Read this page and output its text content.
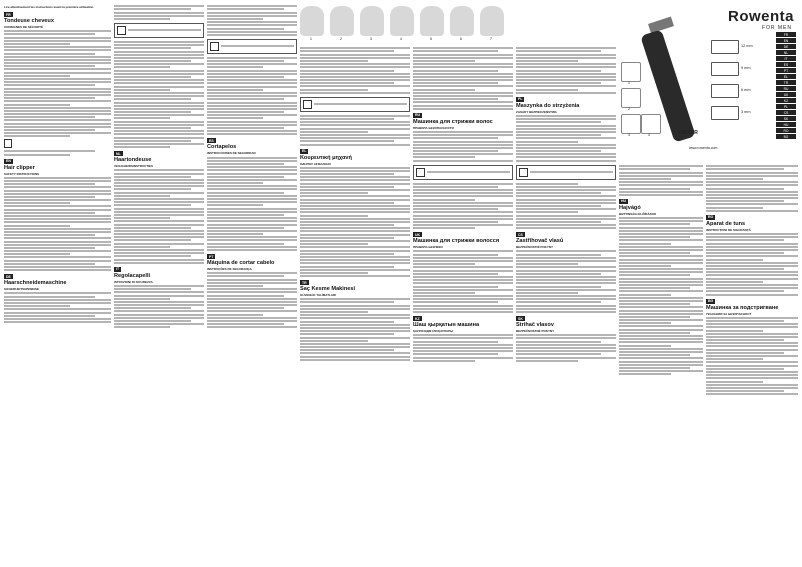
Lire attentivement les instructions avant la première utilisation
FR
Tondeuse cheveux
CONSIGNES DE SÉCURITÉ
EN
Hair clipper
SAFETY INSTRUCTIONS
DE
Haarschneidemaschine
SICHERHEITSHINWEISE
NL
Haartondeuse
VEILIGHEIDSINSTRUCTIES
IT
Regolacapelli
ISTRUZIONI DI SICUREZZA
ES
Cortapelos
INSTRUCCIONES DE SEGURIDAD
PT
Máquina de cortar cabelo
INSTRUÇÕES DE SEGURANÇA
1	2	3	4	5	6	7
EL
Κουρευτική μηχανή
ΟΔΗΓΙΕΣ ΑΣΦΑΛΕΙΑΣ
TR
Saç Kesme Makinesi
GÜVENLİK TALİMATLARI
RU
Машинка для стрижки волос
ПРАВИЛА БЕЗОПАСНОСТИ
UK
Машинка для стрижки волосся
ПРАВИЛА БЕЗПЕКИ
KZ
Шаш қырқатын машина
ҚАУІПСІЗДІК НҰСҚАУЛАРЫ
PL
Maszynka do strzyżenia
ZASADY BEZPIECZEŃSTWA
CS
Zastřihovač vlasů
BEZPEČNOSTNÍ POKYNY
SK
Strihač vlasov
BEZPEČNOSTNÉ POKYNY
Rowenta
FOR MEN
12 mm
9 mm
6 mm
3 mm
1
2
3	4	DRIVER
www.rowenta.com
FR
EN
DE
NL
IT
ES
PT
EL
TR
RU
UK
KZ
PL
CS
SK
HU
RO
BG
HU
Hajvágó
BIZTONSÁGI ELŐÍRÁSOK
RO
Aparat de tuns
INSTRUCȚIUNI DE SIGURANȚĂ
BG
Машинка за подстригване
УКАЗАНИЯ ЗА БЕЗОПАСНОСТ
